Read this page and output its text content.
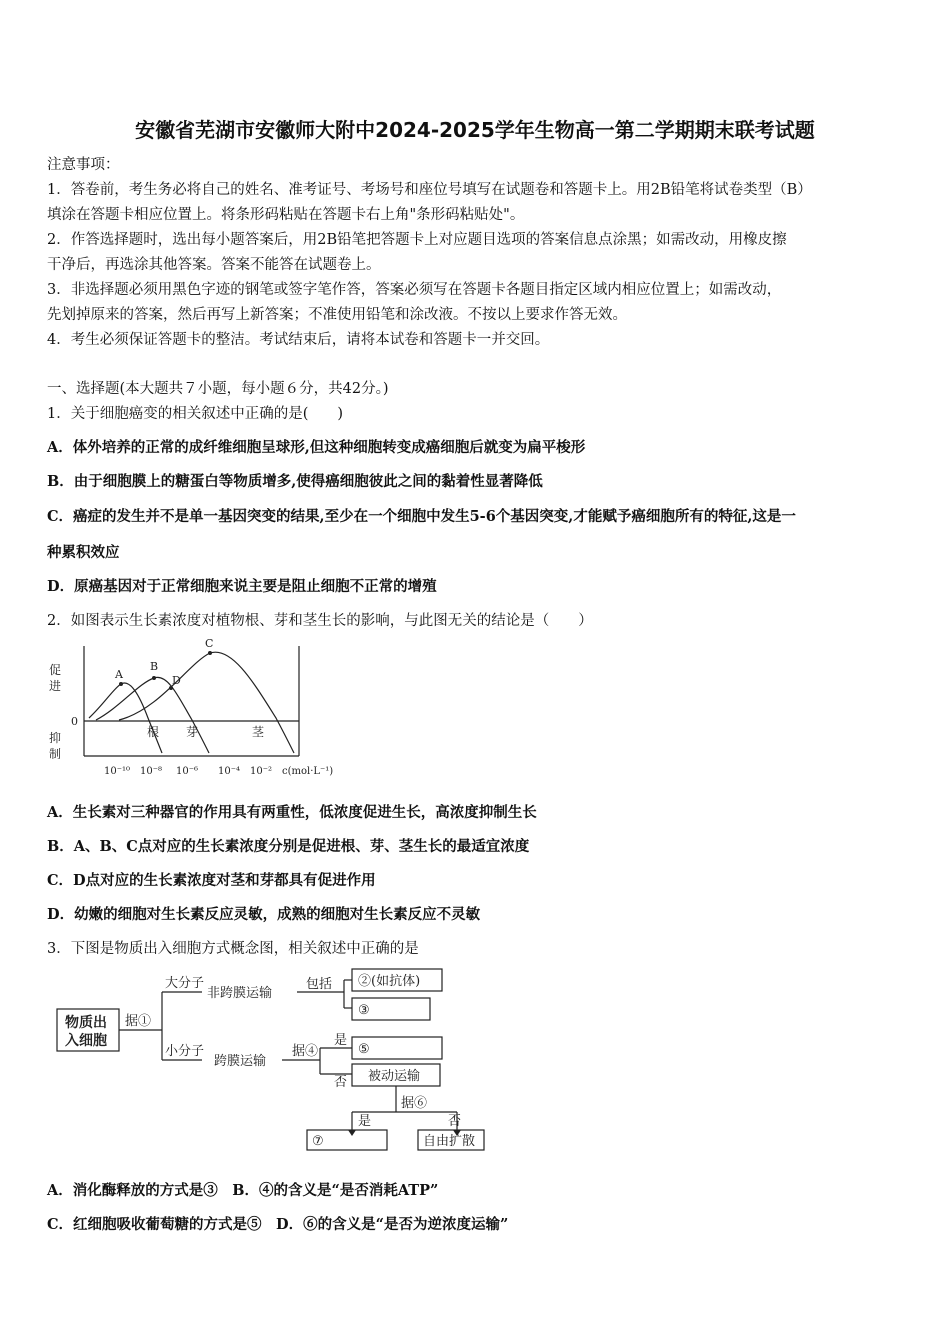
安徽省芜湖市安徽师大附中2024-2025学年生物高一第二学期期末联考试题
注意事项：
1．答卷前，考生务必将自己的姓名、准考证号、考场号和座位号填写在试题卷和答题卡上。用2B铅笔将试卷类型（B）
填涂在答题卡相应位置上。将条形码粘贴在答题卡右上角"条形码粘贴处"。
2．作答选择题时，选出每小题答案后，用2B铅笔把答题卡上对应题目选项的答案信息点涂黑；如需改动，用橡皮擦
干净后，再选涂其他答案。答案不能答在试题卷上。
3．非选择题必须用黑色字迹的钢笔或签字笔作答，答案必须写在答题卡各题目指定区域内相应位置上；如需改动，
先划掉原来的答案，然后再写上新答案；不准使用铅笔和涂改液。不按以上要求作答无效。
4．考生必须保证答题卡的整洁。考试结束后，请将本试卷和答题卡一并交回。
一、选择题(本大题共７小题，每小题６分，共42分。)
1．关于细胞癌变的相关叙述中正确的是(　　)
A．体外培养的正常的成纤维细胞呈球形,但这种细胞转变成癌细胞后就变为扁平梭形
B．由于细胞膜上的糖蛋白等物质增多,使得癌细胞彼此之间的黏着性显著降低
C．癌症的发生并不是单一基因突变的结果,至少在一个细胞中发生5-6个基因突变,才能赋予癌细胞所有的特征,这是一
种累积效应
D．原癌基因对于正常细胞来说主要是阻止细胞不正常的增殖
2．如图表示生长素浓度对植物根、芽和茎生长的影响，与此图无关的结论是（　　）
促
进
抑
制
0
A
B
C
D
根 芽	茎
10⁻¹⁰ 10⁻⁸ 10⁻⁶ 10⁻⁴ 10⁻² c(mol·L⁻¹)
A．生长素对三种器官的作用具有两重性，低浓度促进生长，高浓度抑制生长
B．A、B、C点对应的生长素浓度分别是促进根、芽、茎生长的最适宜浓度
C．D点对应的生长素浓度对茎和芽都具有促进作用
D．幼嫩的细胞对生长素反应灵敏，成熟的细胞对生长素反应不灵敏
3．下图是物质出入细胞方式概念图，相关叙述中正确的是
物质出
入细胞
据①
大分子
非跨膜运输
包括 ②(如抗体)
③
小分子
跨膜运输
据④
是
⑤
否 被动运输
据⑥
是	否
⑦	自由扩散
A．消化酶释放的方式是③　B．④的含义是“是否消耗ATP”
C．红细胞吸收葡萄糖的方式是⑤　D．⑥的含义是“是否为逆浓度运输”
